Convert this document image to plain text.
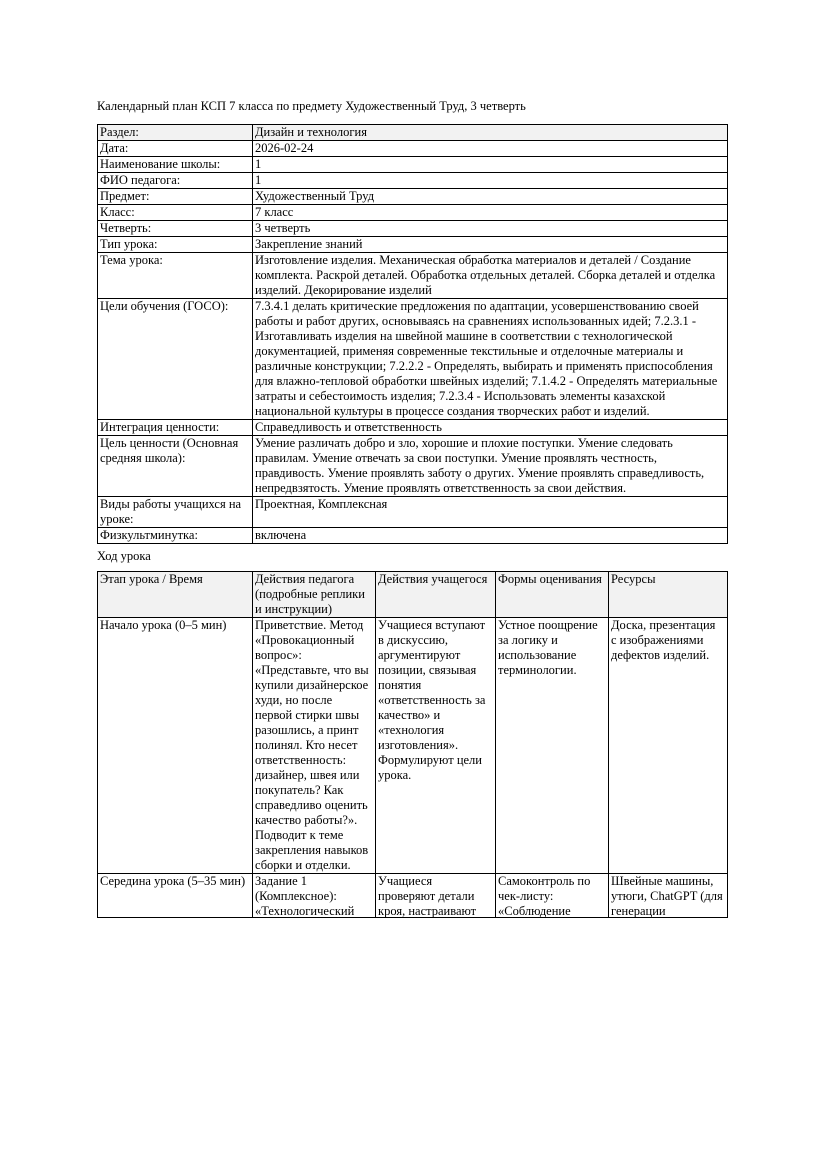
Календарный план КСП 7 класса по предмету Художественный Труд, 3 четверть

Раздел:	Дизайн и технология
Дата:	2026-02-24
Наименование школы:	1
ФИО педагога:	1
Предмет:	Художественный Труд
Класс:	7 класс
Четверть:	3 четверть
Тип урока:	Закрепление знаний
Тема урока:	Изготовление изделия. Механическая обработка материалов и деталей / Создание комплекта. Раскрой деталей. Обработка отдельных деталей. Сборка деталей и отделка изделий. Декорирование изделий
Цели обучения (ГОСО):	7.3.4.1 делать критические предложения по адаптации, усовершенствованию своей работы и работ других, основываясь на сравнениях использованных идей; 7.2.3.1 - Изготавливать изделия на швейной машине в соответствии с технологической документацией, применяя современные текстильные и отделочные материалы и различные конструкции; 7.2.2.2 - Определять, выбирать и применять приспособления для влажно-тепловой обработки швейных изделий; 7.1.4.2 - Определять материальные затраты и себестоимость изделия; 7.2.3.4 - Использовать элементы казахской национальной культуры в процессе создания творческих работ и изделий.
Интеграция ценности:	Справедливость и ответственность
Цель ценности (Основная средняя школа):	Умение различать добро и зло, хорошие и плохие поступки. Умение следовать правилам. Умение отвечать за свои поступки. Умение проявлять честность, правдивость. Умение проявлять заботу о других. Умение проявлять справедливость, непредвзятость. Умение проявлять ответственность за свои действия.
Виды работы учащихся на уроке:	Проектная, Комплексная
Физкультминутка:	включена

Ход урока

Этап урока / Время	Действия педагога (подробные реплики и инструкции)	Действия учащегося	Формы оценивания	Ресурсы
Начало урока (0–5 мин)	Приветствие. Метод «Провокационный вопрос»: «Представьте, что вы купили дизайнерское худи, но после первой стирки швы разошлись, а принт полинял. Кто несет ответственность: дизайнер, швея или покупатель? Как справедливо оценить качество работы?». Подводит к теме закрепления навыков сборки и отделки.	Учащиеся вступают в дискуссию, аргументируют позиции, связывая понятия «ответственность за качество» и «технология изготовления». Формулируют цели урока.	Устное поощрение за логику и использование терминологии.	Доска, презентация с изображениями дефектов изделий.

Середина урока (5–35 мин)	Задание 1 (Комплексное): «Технологический	Учащиеся проверяют детали кроя, настраивают	Самоконтроль по чек-листу: «Соблюдение	Швейные машины, утюги, ChatGPT (для генерации
